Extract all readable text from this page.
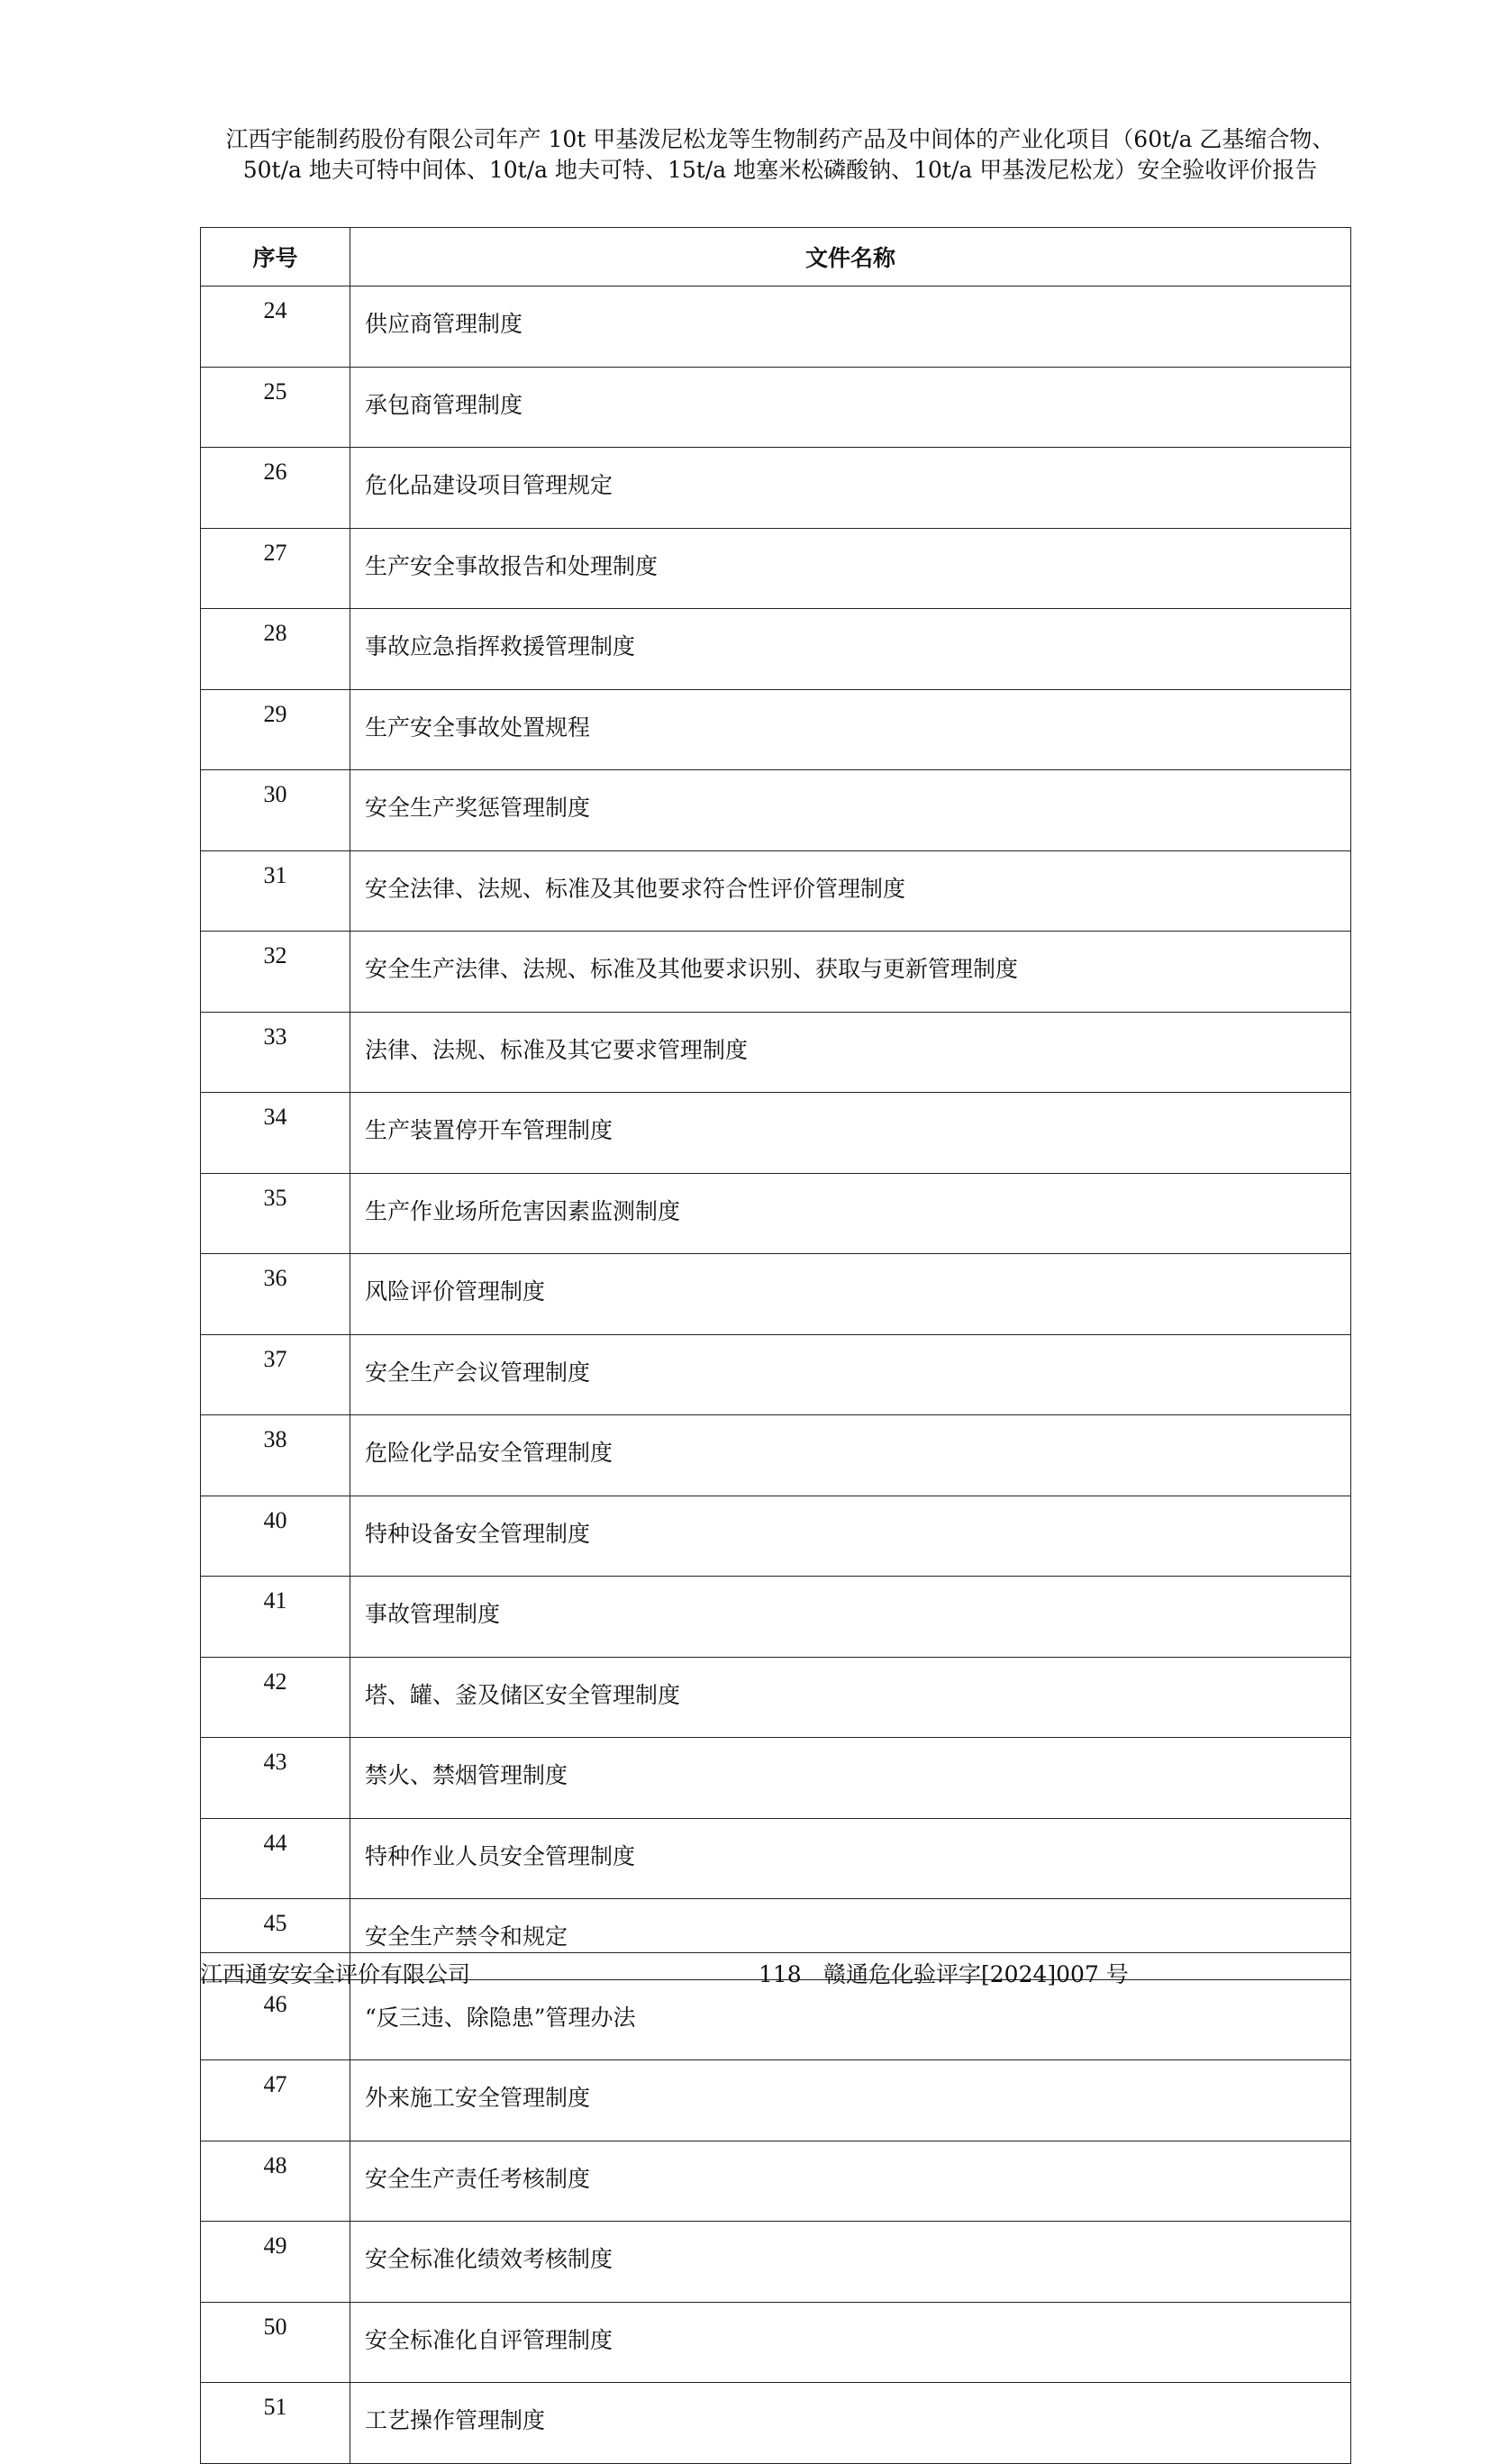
江西宇能制药股份有限公司年产 10t 甲基泼尼松龙等生物制药产品及中间体的产业化项目（60t/a 乙基缩合物、50t/a 地夫可特中间体、10t/a 地夫可特、15t/a 地塞米松磷酸钠、10t/a 甲基泼尼松龙）安全验收评价报告
序号	文件名称
24	供应商管理制度
25	承包商管理制度
26	危化品建设项目管理规定
27	生产安全事故报告和处理制度
28	事故应急指挥救援管理制度
29	生产安全事故处置规程
30	安全生产奖惩管理制度
31	安全法律、法规、标准及其他要求符合性评价管理制度
32	安全生产法律、法规、标准及其他要求识别、获取与更新管理制度
33	法律、法规、标准及其它要求管理制度
34	生产装置停开车管理制度
35	生产作业场所危害因素监测制度
36	风险评价管理制度
37	安全生产会议管理制度
38	危险化学品安全管理制度
40	特种设备安全管理制度
41	事故管理制度
42	塔、罐、釜及储区安全管理制度
43	禁火、禁烟管理制度
44	特种作业人员安全管理制度
45	安全生产禁令和规定
46	“反三违、除隐患”管理办法
47	外来施工安全管理制度
48	安全生产责任考核制度
49	安全标准化绩效考核制度
50	安全标准化自评管理制度
51	工艺操作管理制度
江西通安安全评价有限公司	118 赣通危化验评字[2024]007 号
